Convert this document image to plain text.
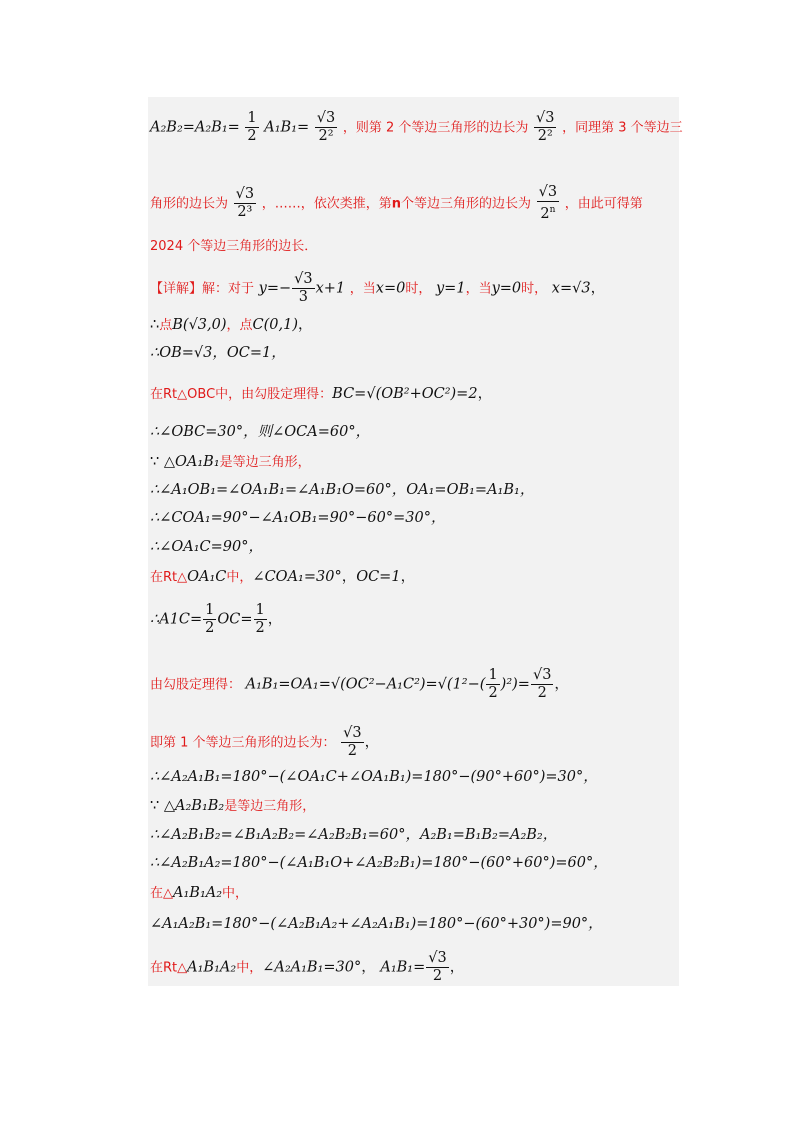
$A_2B_2=A_2B_1= \frac{1}{2} A_1B_1= \frac{√3}{\text{2²}}$ ，则第 2 个等边三角形的边长为 $\frac{√3}{\text{2²}}$ ，同理第 3 个等边三
角形的边长为 $\frac{√3}{\text{2³}}$ ，……，依次类推，第n个等边三角形的边长为 $\frac{√3}{2^n}$ ，由此可得第
2024 个等边三角形的边长．
【详解】解：对于 $y=- \frac{√3}{3} x+1$ ，当x=0时， y=1，当y=0时， x=√3，
∴点B(√3,0)，点C(0,1)，
∴OB=√3，OC=1，
在Rt△OBC中，由勾股定理得：BC=√(OB²+OC²)=2，
∴∠OBC=30°，则∠OCA=60°，
∵ △OA₁B₁是等边三角形，
∴∠A₁OB₁=∠OA₁B₁=∠A₁B₁O=60°，OA₁=OB₁=A₁B₁，
∴∠COA₁=90°−∠A₁OB₁=90°−60°=30°，
∴∠OA₁C=90°，
在Rt△OA₁C中，∠COA₁=30°，OC=1，
∴A1C= $\frac{1}{2} OC= \frac{1}{2}$ ，
由勾股定理得： $A_1B_1=OA_1=√(OC^2-A_1C^2)=√(1^2-( \frac{1}{2} )^2)= \frac{√3}{2}$ ，
即第 1 个等边三角形的边长为： $\frac{√3}{2}$ ，
∴∠A₂A₁B₁=180°−(∠OA₁C+∠OA₁B₁)=180°−(90°+60°)=30°，
∵ △A₂B₁B₂是等边三角形，
∴∠A₂B₁B₂=∠B₁A₂B₂=∠A₂B₂B₁=60°，A₂B₁=B₁B₂=A₂B₂，
∴∠A₂B₁A₂=180°−(∠A₁B₁O+∠A₂B₂B₁)=180°−(60°+60°)=60°，
在△A₁B₁A₂中，
∠A₁A₂B₁=180°−(∠A₂B₁A₂+∠A₂A₁B₁)=180°−(60°+30°)=90°，
在Rt△A₁B₁A₂中，∠A₂A₁B₁=30°， $A_1B_1= \frac{√3}{2}$ ，
